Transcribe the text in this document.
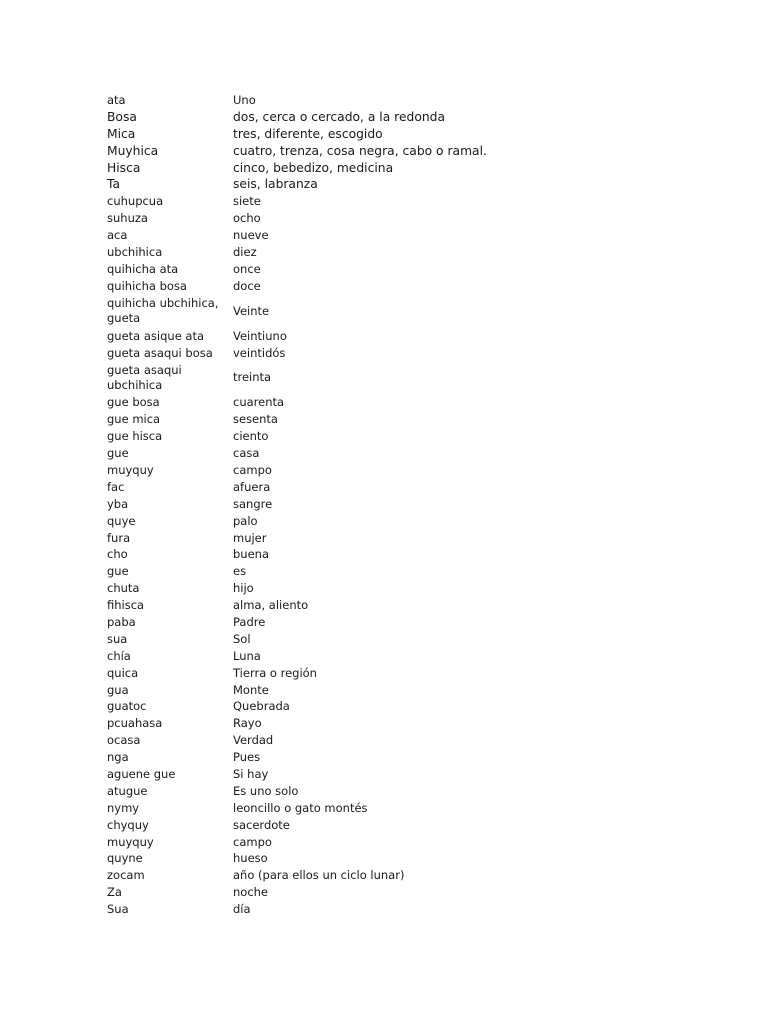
ata	Uno
Bosa	dos, cerca o cercado, a la redonda
Mica	tres, diferente, escogido
Muyhica	cuatro, trenza, cosa negra, cabo o ramal.
Hisca	cinco, bebedizo, medicina
Ta	seis, labranza
cuhupcua	siete
suhuza	ocho
aca	nueve
ubchihica	diez
quihicha ata	once
quihicha bosa	doce
quihicha ubchihica, gueta	Veinte
gueta asique ata	Veintiuno
gueta asaqui bosa	veintidós
gueta asaqui ubchihica	treinta
gue bosa	cuarenta
gue mica	sesenta
gue hisca	ciento
gue	casa
muyquy	campo
fac	afuera
yba	sangre
quye	palo
fura	mujer
cho	buena
gue	es
chuta	hijo
fihisca	alma, aliento
paba	Padre
sua	Sol
chía	Luna
quica	Tierra o región
gua	Monte
guatoc	Quebrada
pcuahasa	Rayo
ocasa	Verdad
nga	Pues
aguene gue	Si hay
atugue	Es uno solo
nymy	leoncillo o gato montés
chyquy	sacerdote
muyquy	campo
quyne	hueso
zocam	año (para ellos un ciclo lunar)
Za	noche
Sua	día
